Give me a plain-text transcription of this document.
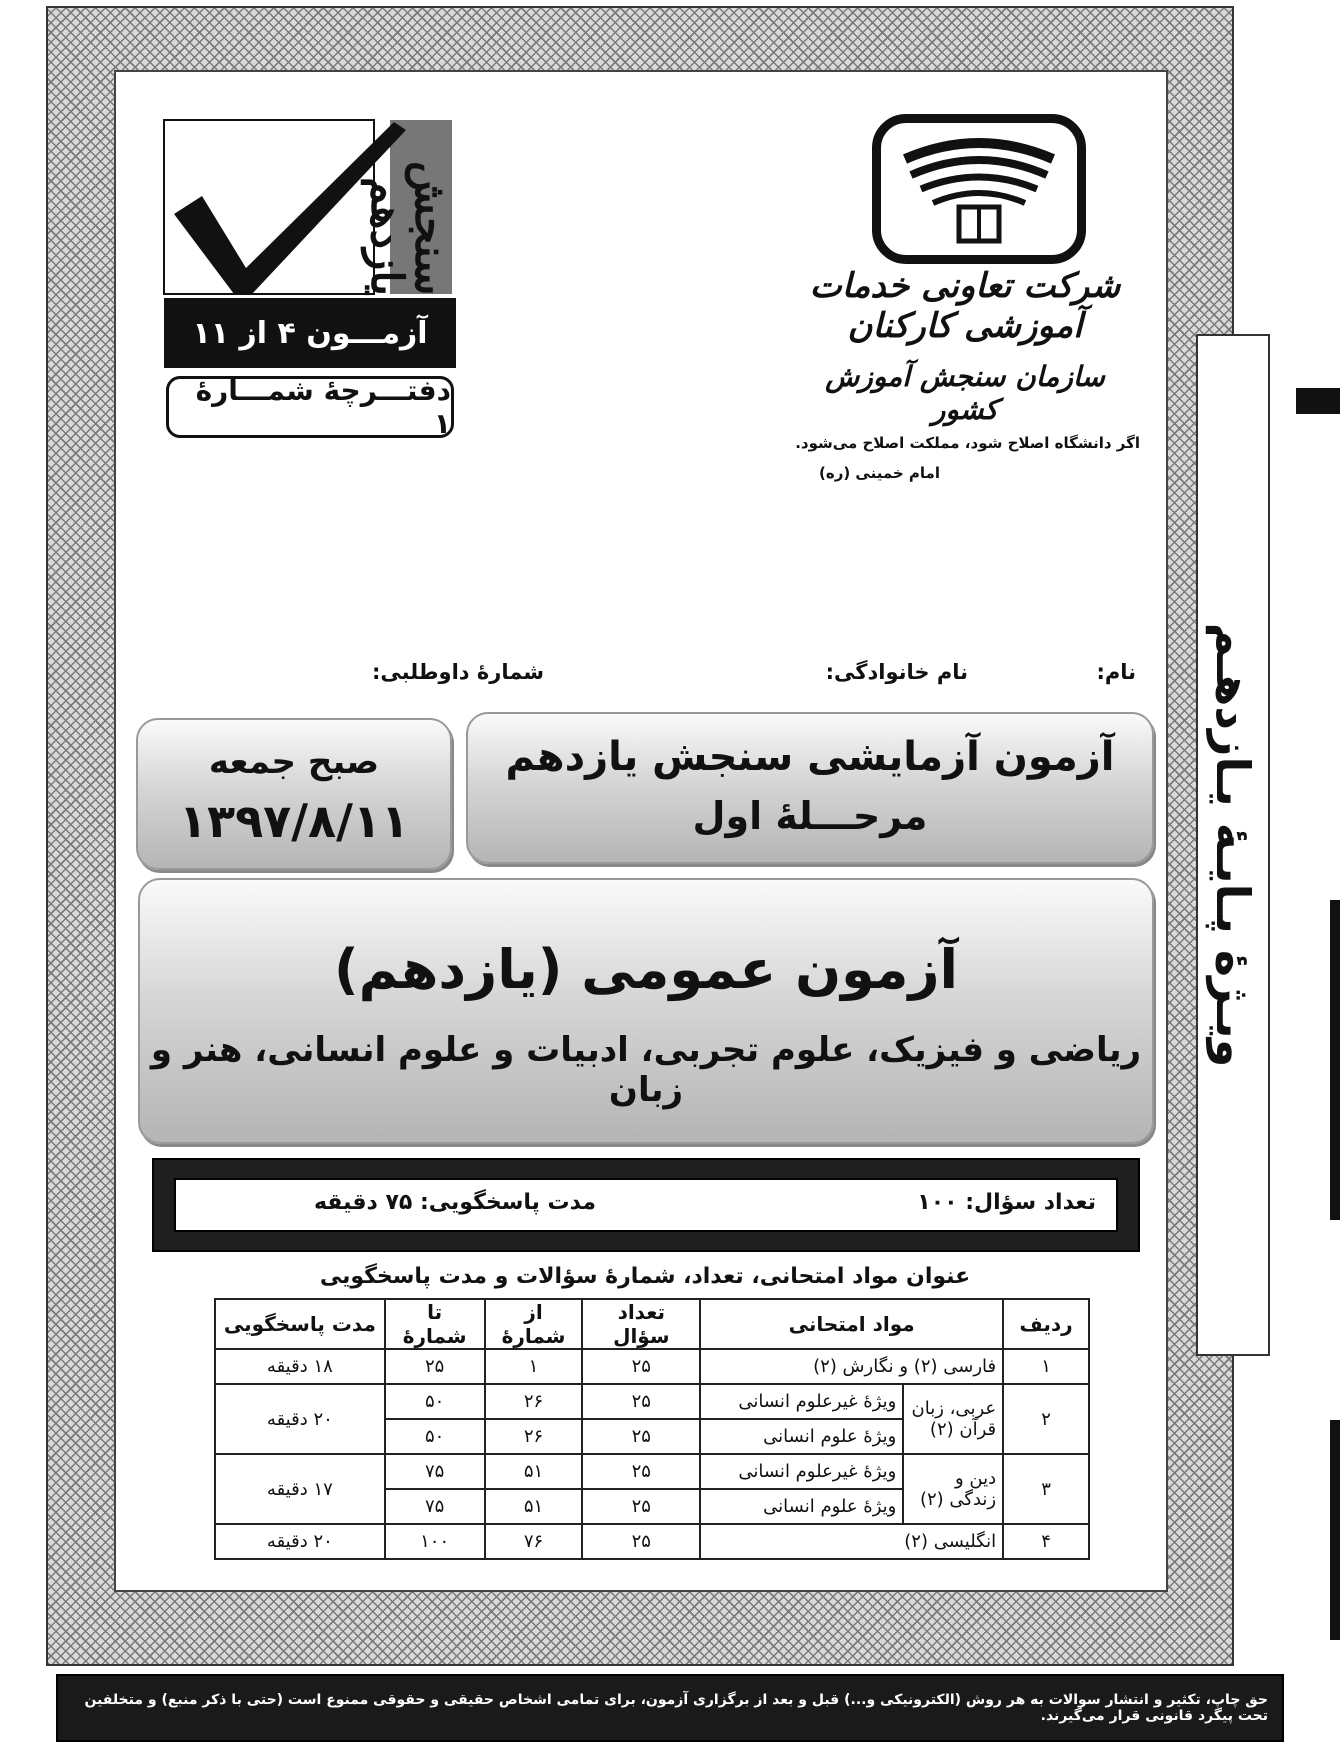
ویـژۀ پـایـۀ یـازدهـم
شرکت تعاونی خدمات آموزشی کارکنان
سازمان سنجش آموزش کشور
اگر دانشگاه اصلاح شود، مملکت اصلاح می‌شود.
امام خمینی (ره)
سنجش یازدهم
آزمـــون ۴ از ۱۱
دفتـــرچۀ شمـــارۀ ۱
نام:
نام خانوادگی:
شمارۀ داوطلبی:
آزمون آزمایشی سنجش یازدهم
مرحـــلۀ اول
صبح جمعه
۱۳۹۷/۸/۱۱
آزمون عمومی (یازدهم)
ریاضی و فیزیک، علوم تجربی، ادبیات و علوم انسانی، هنر و زبان
تعداد سؤال: ۱۰۰
مدت پاسخگویی: ۷۵ دقیقه
عنوان مواد امتحانی، تعداد، شمارۀ سؤالات و مدت پاسخگویی
ردیف	مواد امتحانی		تعداد سؤال	از شمارۀ	تا شمارۀ	مدت پاسخگویی
۱	فارسی (۲) و نگارش (۲)		۲۵	۱	۲۵	۱۸ دقیقه
۲	عربی، زبان قرآن (۲)	ویژۀ غیرعلوم انسانی	۲۵	۲۶	۵۰	۲۰ دقیقه
		ویژۀ علوم انسانی	۲۵	۲۶	۵۰	
۳	دین و زندگی (۲)	ویژۀ غیرعلوم انسانی	۲۵	۵۱	۷۵	۱۷ دقیقه
		ویژۀ علوم انسانی	۲۵	۵۱	۷۵	
۴	انگلیسی (۲)		۲۵	۷۶	۱۰۰	۲۰ دقیقه
حق چاپ، تکثیر و انتشار سوالات به هر روش (الکترونیکی و...) قبل و بعد از برگزاری آزمون، برای تمامی اشخاص حقیقی و حقوقی ممنوع است (حتی با ذکر منبع) و متخلفین تحت پیگرد قانونی قرار می‌گیرند.
